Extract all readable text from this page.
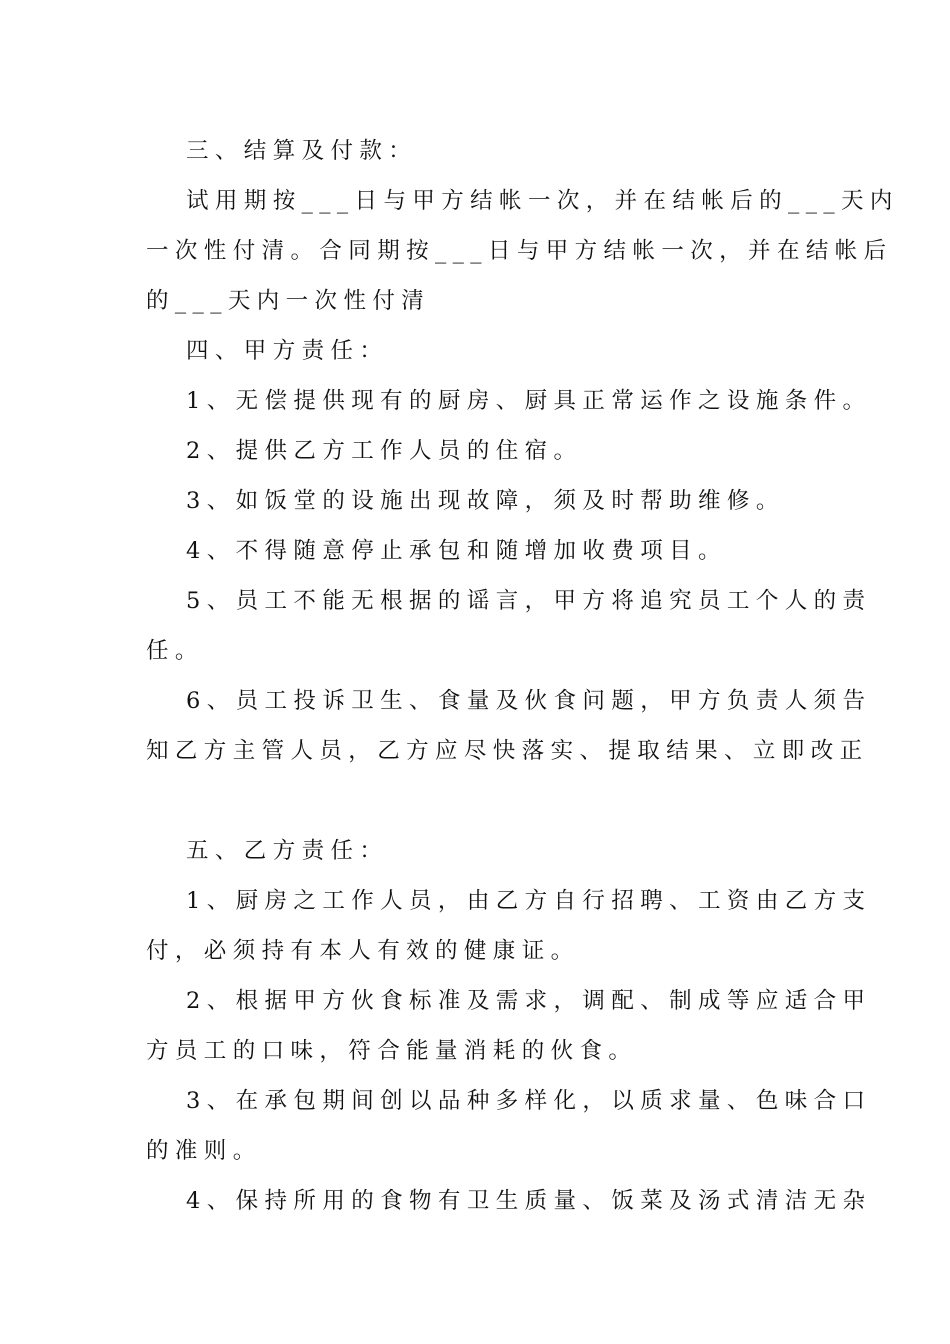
三、结算及付款：
试用期按___日与甲方结帐一次，并在结帐后的___天内
一次性付清。合同期按___日与甲方结帐一次，并在结帐后
的___天内一次性付清
四、甲方责任：
1、无偿提供现有的厨房、厨具正常运作之设施条件。
2、提供乙方工作人员的住宿。
3、如饭堂的设施出现故障，须及时帮助维修。
4、不得随意停止承包和随增加收费项目。
5、员工不能无根据的谣言，甲方将追究员工个人的责
任。
6、员工投诉卫生、食量及伙食问题，甲方负责人须告
知乙方主管人员，乙方应尽快落实、提取结果、立即改正
五、乙方责任：
1、厨房之工作人员，由乙方自行招聘、工资由乙方支
付，必须持有本人有效的健康证。
2、根据甲方伙食标准及需求，调配、制成等应适合甲
方员工的口味，符合能量消耗的伙食。
3、在承包期间创以品种多样化，以质求量、色味合口
的准则。
4、保持所用的食物有卫生质量、饭菜及汤式清洁无杂
